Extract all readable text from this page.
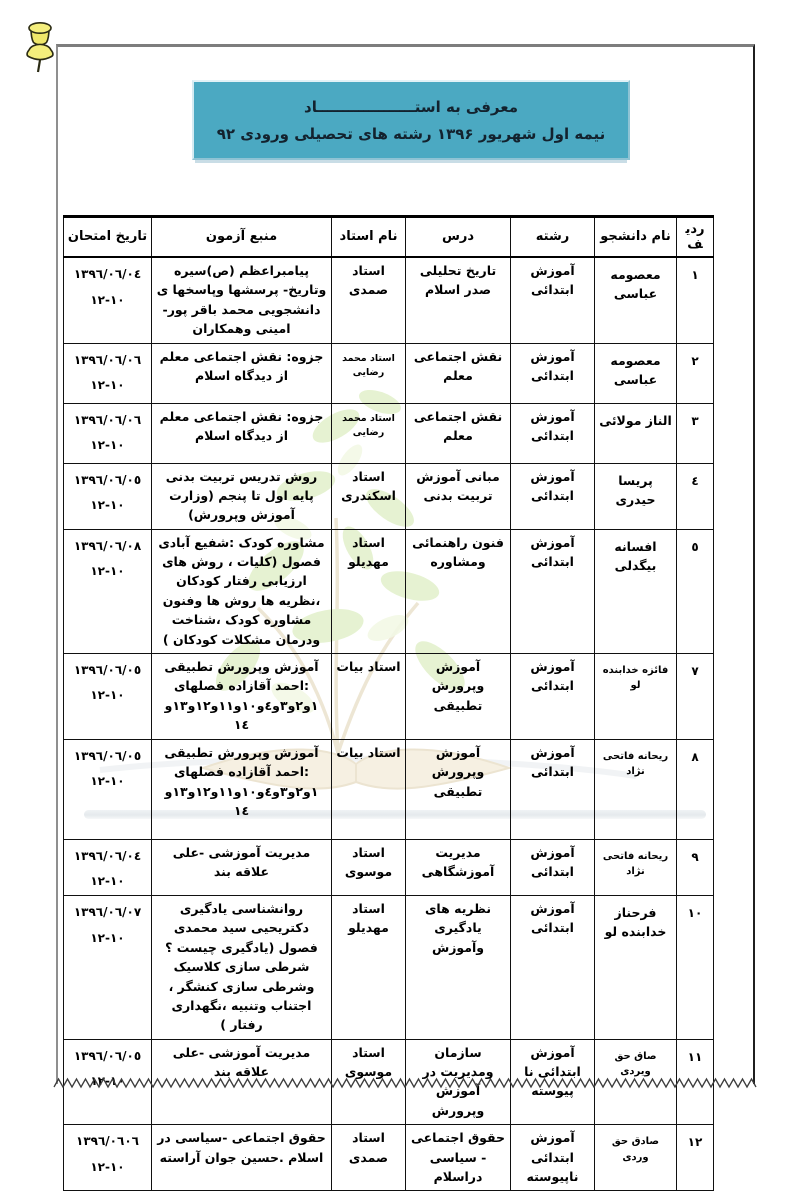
معرفی به استـــــــــــــــــــاد
نیمه اول شهریور ۱۳۹۶ رشته های تحصیلی ورودی ۹۲
ردیف	نام دانشجو	رشته	درس	نام استاد	منبع آزمون	تاریخ امتحان
١	معصومه عباسی	آموزش ابتدائی	تاریخ تحلیلی صدر اسلام	استاد صمدی	پیامبراعظم (ص)سیره وتاریخ- پرسشها وپاسخها ی دانشجویی محمد باقر پور-امینی وهمکاران	١٣٩٦/٠٦/٠٤
١٠-١٢

٢	معصومه عباسی	آموزش ابتدائی	نقش اجتماعی معلم	استاد محمد رضایی	جزوه: نقش اجتماعی معلم از دیدگاه اسلام	١٣٩٦/٠٦/٠٦
١٠-١٢

٣	الناز مولائی	آموزش ابتدائی	نقش اجتماعی معلم	استاد محمد رضایی	جزوه: نقش اجتماعی معلم از دیدگاه اسلام	١٣٩٦/٠٦/٠٦
١٠-١٢

٤	پریسا حیدری	آموزش ابتدائی	مبانی آموزش تربیت بدنی	استاد اسکندری	روش تدریس تربیت بدنی پایه اول تا پنجم (وزارت آموزش وپرورش)	١٣٩٦/٠٦/٠٥
١٠-١٢

٥	افسانه بیگدلی	آموزش ابتدائی	فنون راهنمائی ومشاوره	استاد مهدیلو	مشاوره کودک :شفیع آبادی فصول (کلیات ، روش های ارزیابی رفتار کودکان ،نظریه ها روش ها وفنون مشاوره کودک ،شناخت ودرمان مشکلات کودکان )	١٣٩٦/٠٦/٠٨
١٠-١٢

٧	فائزه خدابنده لو	آموزش ابتدائی	آموزش وپرورش تطبیقی	استاد بیات	آموزش وپرورش تطبیقی :احمد آقازاده فصلهای ١و٢و٣و٤و١٠و١١و١٢و١٣و ١٤	١٣٩٦/٠٦/٠٥
١٠-١٢

٨	ریحانه فاتحی نژاد	آموزش ابتدائی	آموزش وپرورش تطبیقی	استاد بیات	آموزش وپرورش تطبیقی :احمد آقازاده فصلهای ١و٢و٣و٤و١٠و١١و١٢و١٣و ١٤	١٣٩٦/٠٦/٠٥
١٠-١٢

٩	ریحانه فاتحی نژاد	آموزش ابتدائی	مدیریت آموزشگاهی	استاد موسوی	مدیریت آموزشی -علی علاقه بند	١٣٩٦/٠٦/٠٤
١٠-١٢

١٠	فرحناز خدابنده لو	آموزش ابتدائی	نظریه های یادگیری وآموزش	استاد مهدیلو	روانشناسی یادگیری دکتریحیی سید محمدی فصول (یادگیری چیست ؟ شرطی سازی کلاسیک وشرطی سازی کنشگر ، اجتناب وتنبیه ،نگهداری رفتار )	١٣٩٦/٠٦/٠٧
١٠-١٢

١١	صاق حق ویردی	آموزش ابتدائی نا پیوسته	سازمان ومدیریت در آموزش وپرورش	استاد موسوی	مدیریت آموزشی -علی علاقه بند	١٣٩٦/٠٦/٠٥
١٠-١٢

١٢	صادق حق وردی	آموزش ابتدائی ناپیوسته	حقوق اجتماعی - سیاسی دراسلام	استاد صمدی	حقوق اجتماعی -سیاسی در اسلام .حسین جوان آراسته	١٣٩٦/٠٦٠٦
١٠-١٢
